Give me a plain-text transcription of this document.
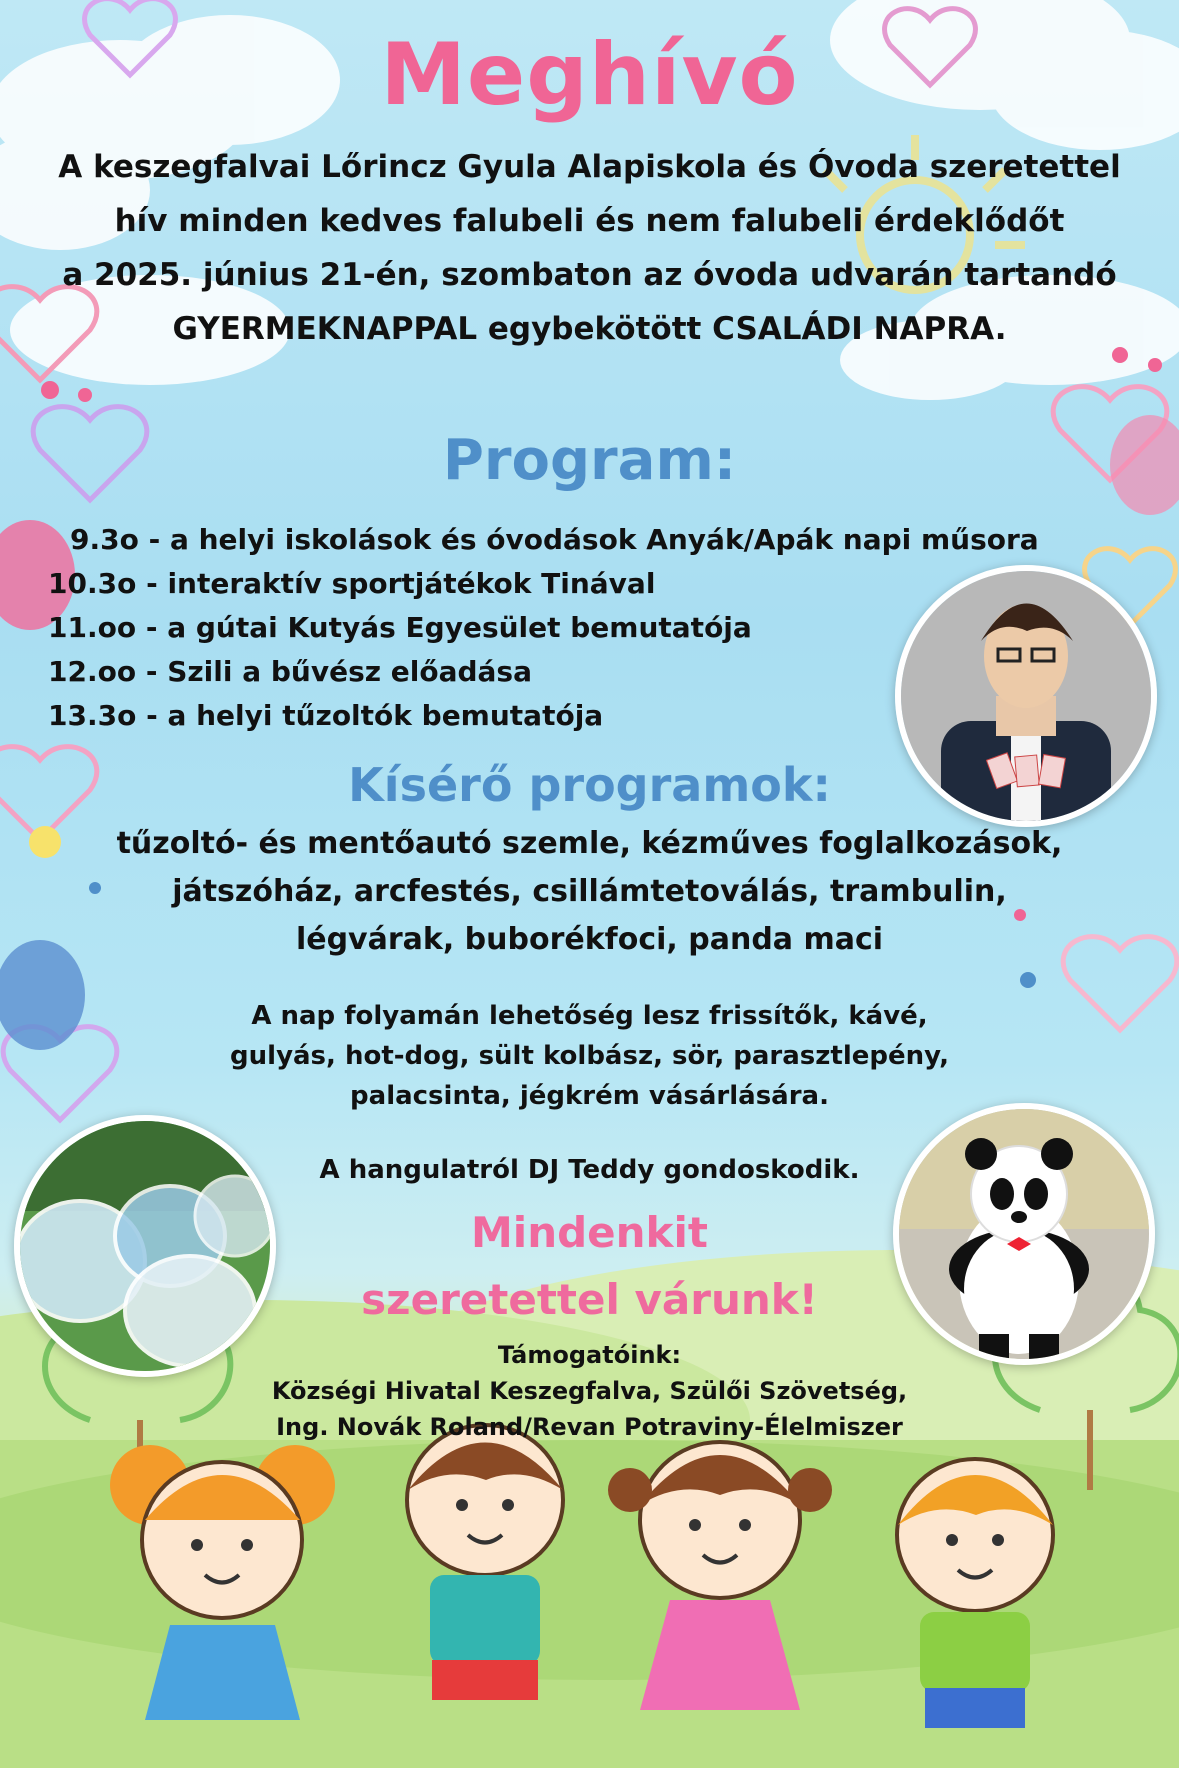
Meghívó

A keszegfalvai Lőrincz Gyula Alapiskola és Óvoda szeretettel

hív minden kedves falubeli és nem falubeli érdeklődőt

a 2025. június 21-én, szombaton az óvoda udvarán tartandó

GYERMEKNAPPAL egybekötött CSALÁDI NAPRA.

Program:
9.3o - a helyi iskolások és óvodások Anyák/Apák napi műsora
10.3o - interaktív sportjátékok Tinával
11.oo - a gútai Kutyás Egyesület bemutatója
12.oo - Szili a bűvész előadása
13.3o - a helyi tűzoltók bemutatója
Kísérő programok:

tűzoltó- és mentőautó szemle, kézműves foglalkozások,

játszóház, arcfestés, csillámtetoválás, trambulin,

légvárak, buborékfoci, panda maci

A nap folyamán lehetőség lesz frissítők, kávé,

gulyás, hot-dog, sült kolbász, sör, parasztlepény,

palacsinta, jégkrém vásárlására.

A hangulatról DJ Teddy gondoskodik.

Mindenkit

szeretettel várunk!

Támogatóink:

Községi Hivatal Keszegfalva, Szülői Szövetség,

Ing. Novák Roland/Revan Potraviny-Élelmiszer
